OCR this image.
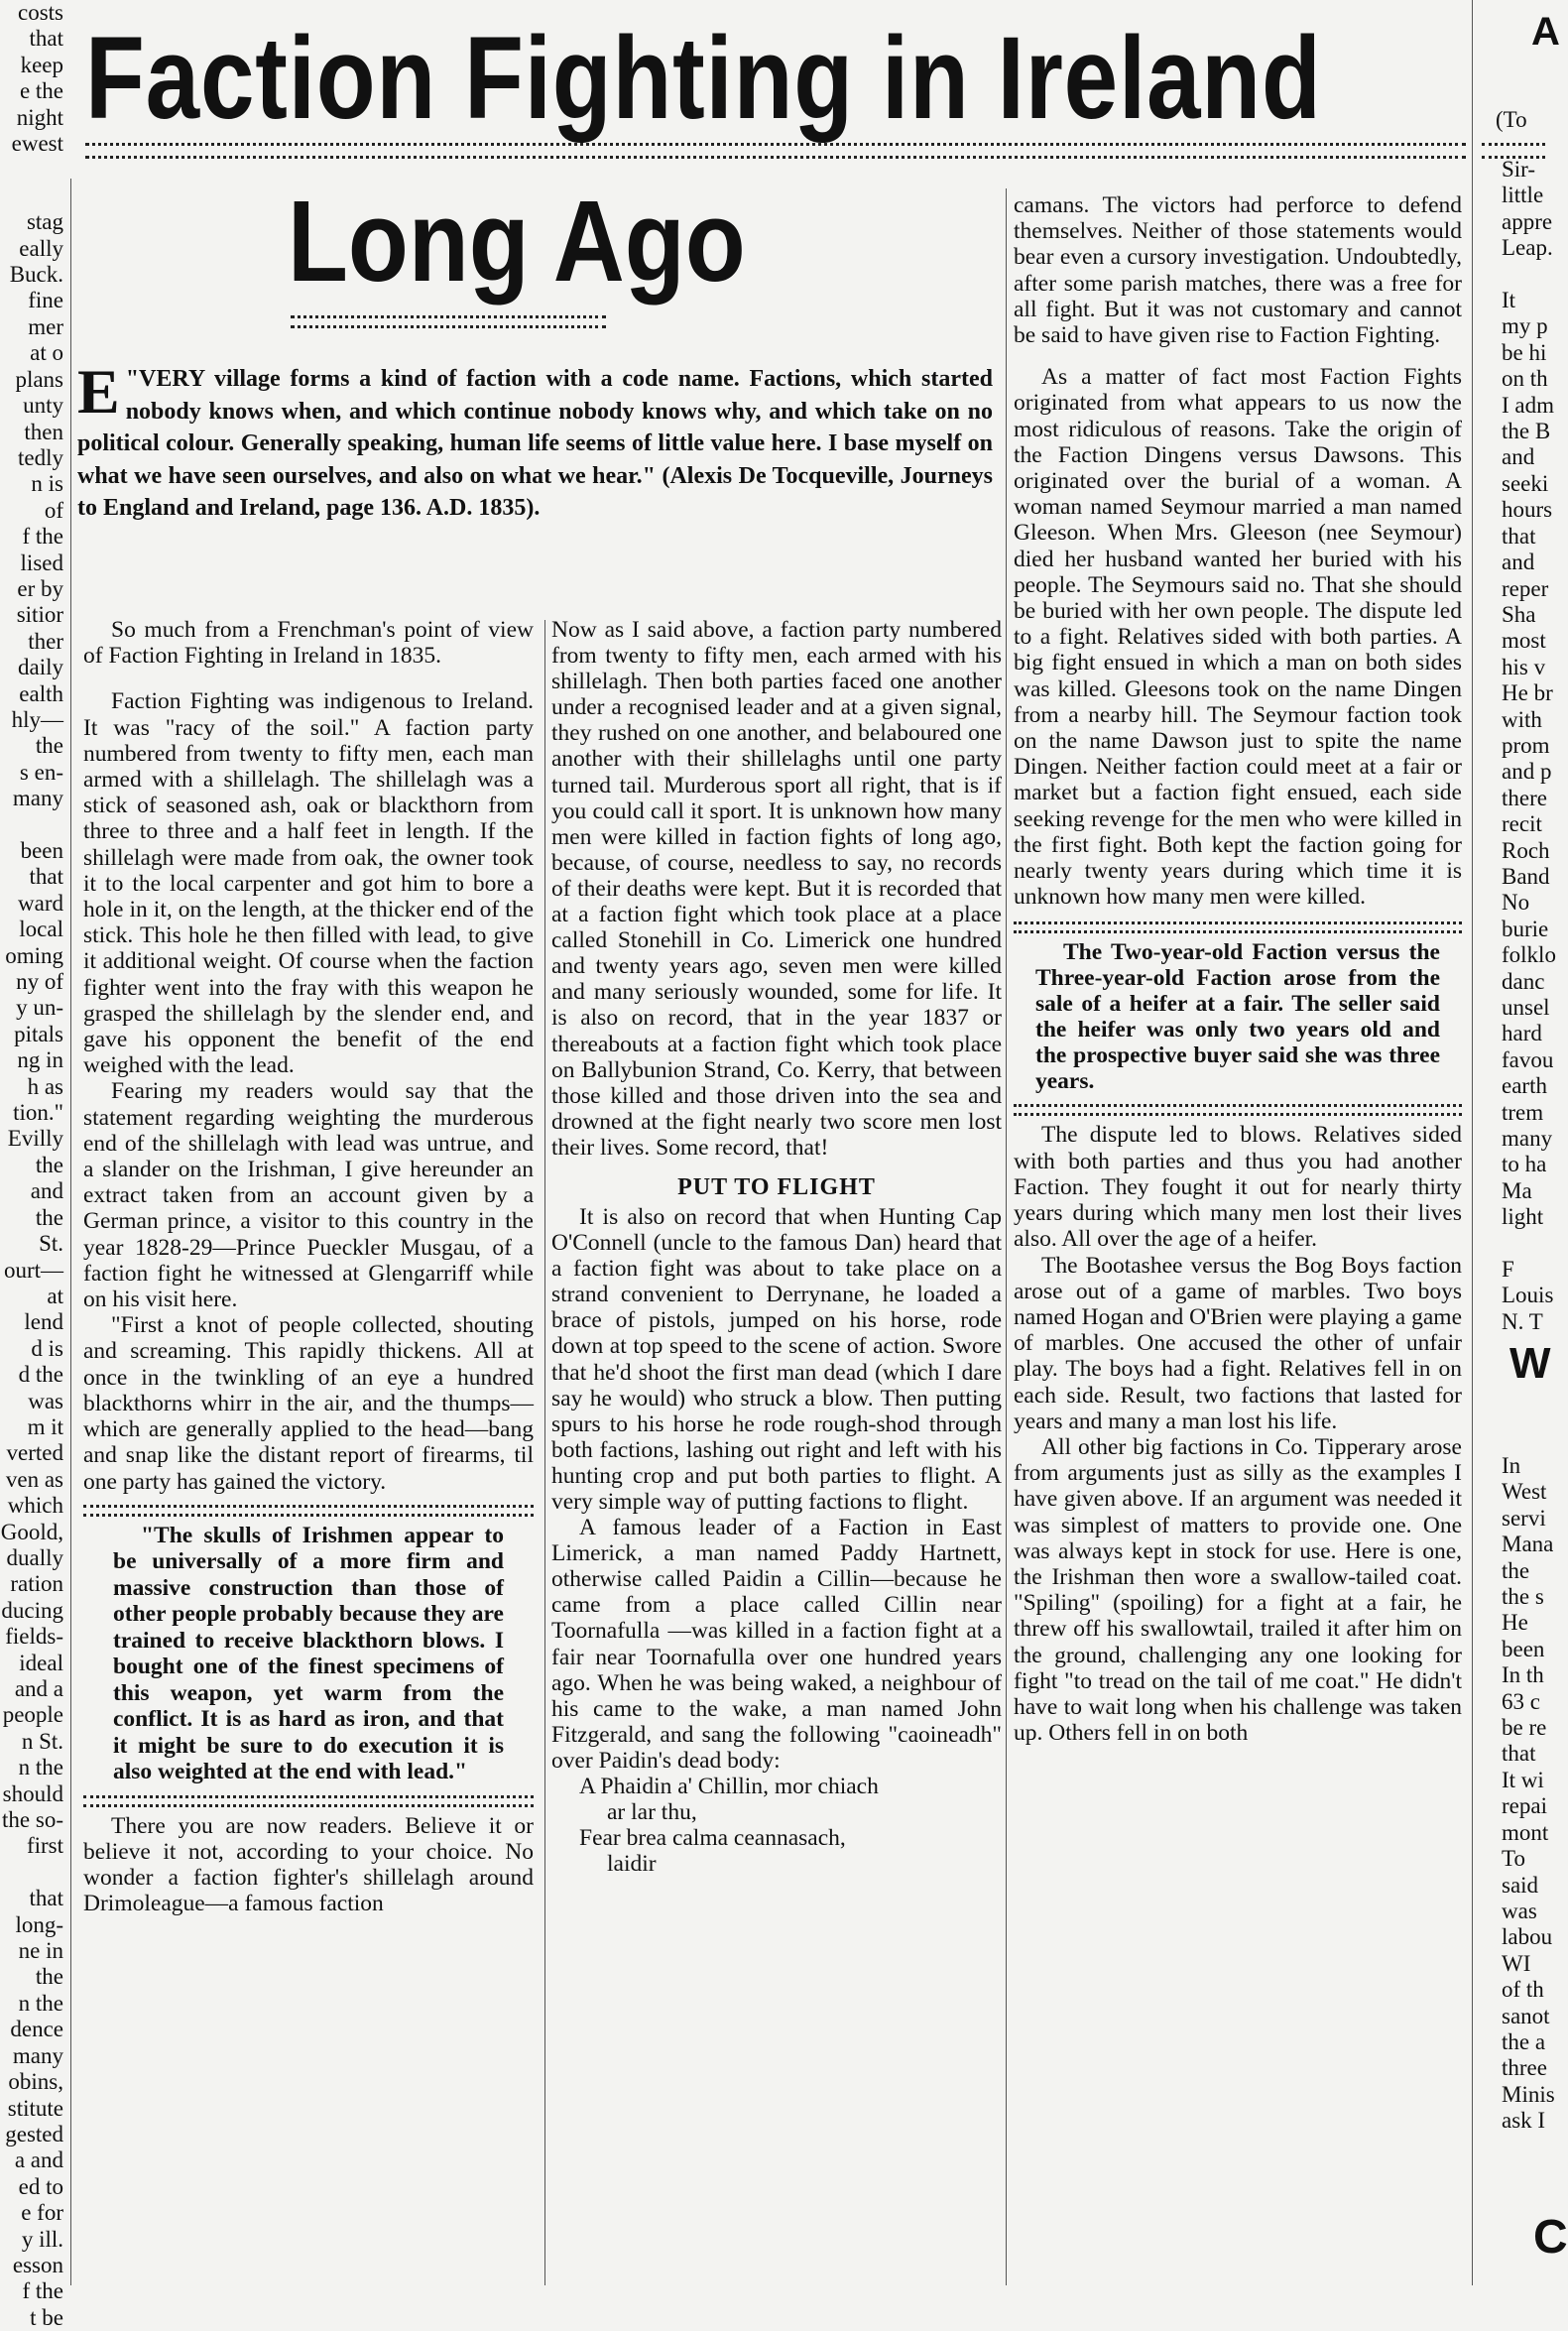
Faction Fighting in Ireland
Long Ago
costs
that
keep
e the
night
ewest

stag
eally
Buck.
fine
mer
at o
plans
unty
then
tedly
n is
of
f the
lised
er by
sitior
ther
daily
ealth
hly—
the
s en-
many

been
that
ward
local
oming
ny of
y un-
pitals
ng in
h as
tion."
Evilly
the
and
the
St.
ourt—
at
lend
d is
d the
was
m it
verted
ven as
which
Goold,
dually
ration
ducing
fields-
ideal
and a
people
n St.
n the
should
the so-
first

that
long-
ne in
the
n the
dence
many
obins,
stitute
gested
a and
ed to
e for
y ill.
esson
f the
t be
E "VERY village forms a kind of faction with a code name. Factions, which started nobody knows when, and which continue nobody knows why, and which take on no political colour. Generally speaking, human life seems of little value here. I base myself on what we have seen ourselves, and also on what we hear." (Alexis De Tocqueville, Journeys to England and Ireland, page 136. A.D. 1835).

So much from a Frenchman's point of view of Faction Fighting in Ireland in 1835.

Faction Fighting was indigenous to Ireland. It was "racy of the soil." A faction party numbered from twenty to fifty men, each man armed with a shillelagh. The shillelagh was a stick of seasoned ash, oak or blackthorn from three to three and a half feet in length. If the shillelagh were made from oak, the owner took it to the local carpenter and got him to bore a hole in it, on the length, at the thicker end of the stick. This hole he then filled with lead, to give it additional weight. Of course when the faction fighter went into the fray with this weapon he grasped the shillelagh by the slender end, and gave his opponent the benefit of the end weighed with the lead.

Fearing my readers would say that the statement regarding weighting the murderous end of the shillelagh with lead was untrue, and a slander on the Irishman, I give hereunder an extract taken from an account given by a German prince, a visitor to this country in the year 1828-29—Prince Pueckler Musgau, of a faction fight he witnessed at Glengarriff while on his visit here.

"First a knot of people collected, shouting and screaming. This rapidly thickens. All at once in the twinkling of an eye a hundred blackthorns whirr in the air, and the thumps—which are generally applied to the head—bang and snap like the distant report of firearms, til one party has gained the victory.

"The skulls of Irishmen appear to be universally of a more firm and massive construction than those of other people probably because they are trained to receive blackthorn blows. I bought one of the finest specimens of this weapon, yet warm from the conflict. It is as hard as iron, and that it might be sure to do execution it is also weighted at the end with lead."

There you are now readers. Believe it or believe it not, according to your choice. No wonder a faction fighter's shillelagh around Drimoleague—a famous faction

Now as I said above, a faction party numbered from twenty to fifty men, each armed with his shillelagh. Then both parties faced one another under a recognised leader and at a given signal, they rushed on one another, and belaboured one another with their shillelaghs until one party turned tail. Murderous sport all right, that is if you could call it sport. It is unknown how many men were killed in faction fights of long ago, because, of course, needless to say, no records of their deaths were kept. But it is recorded that at a faction fight which took place at a place called Stonehill in Co. Limerick one hundred and twenty years ago, seven men were killed and many seriously wounded, some for life. It is also on record, that in the year 1837 or thereabouts at a faction fight which took place on Ballybunion Strand, Co. Kerry, that between those killed and those driven into the sea and drowned at the fight nearly two score men lost their lives. Some record, that!

PUT TO FLIGHT

It is also on record that when Hunting Cap O'Connell (uncle to the famous Dan) heard that a faction fight was about to take place on a strand convenient to Derrynane, he loaded a brace of pistols, jumped on his horse, rode down at top speed to the scene of action. Swore that he'd shoot the first man dead (which I dare say he would) who struck a blow. Then putting spurs to his horse he rode rough-shod through both factions, lashing out right and left with his hunting crop and put both parties to flight. A very simple way of putting factions to flight.

A famous leader of a Faction in East Limerick, a man named Paddy Hartnett, otherwise called Paidin a Cillin—because he came from a place called Cillin near Toornafulla —was killed in a faction fight at a fair near Toornafulla over one hundred years ago. When he was being waked, a neighbour of his came to the wake, a man named John Fitzgerald, and sang the following "caoineadh" over Paidin's dead body:

A Phaidin a' Chillin, mor chiach
ar lar thu,
Fear brea calma ceannasach,
laidir

camans. The victors had perforce to defend themselves. Neither of those statements would bear even a cursory investigation. Undoubtedly, after some parish matches, there was a free for all fight. But it was not customary and cannot be said to have given rise to Faction Fighting.

As a matter of fact most Faction Fights originated from what appears to us now the most ridiculous of reasons. Take the origin of the Faction Dingens versus Dawsons. This originated over the burial of a woman. A woman named Seymour married a man named Gleeson. When Mrs. Gleeson (nee Seymour) died her husband wanted her buried with his people. The Seymours said no. That she should be buried with her own people. The dispute led to a fight. Relatives sided with both parties. A big fight ensued in which a man on both sides was killed. Gleesons took on the name Dingen from a nearby hill. The Seymour faction took on the name Dawson just to spite the name Dingen. Neither faction could meet at a fair or market but a faction fight ensued, each side seeking revenge for the men who were killed in the first fight. Both kept the faction going for nearly twenty years during which time it is unknown how many men were killed.

The Two-year-old Faction versus the Three-year-old Faction arose from the sale of a heifer at a fair. The seller said the heifer was only two years old and the prospective buyer said she was three years.

The dispute led to blows. Relatives sided with both parties and thus you had another Faction. They fought it out for nearly thirty years during which many men lost their lives also. All over the age of a heifer.

The Bootashee versus the Bog Boys faction arose out of a game of marbles. Two boys named Hogan and O'Brien were playing a game of marbles. One accused the other of unfair play. The boys had a fight. Relatives fell in on each side. Result, two factions that lasted for years and many a man lost his life.

All other big factions in Co. Tipperary arose from arguments just as silly as the examples I have given above. If an argument was needed it was simplest of matters to provide one. One was always kept in stock for use. Here is one, the Irishman then wore a swallow-tailed coat. "Spiling" (spoiling) for a fight at a fair, he threw off his swallowtail, trailed it after him on the ground, challenging any one looking for fight "to tread on the tail of me coat." He didn't have to wait long when his challenge was taken up. Others fell in on both

A
(To
Sir-
little
appre
Leap.

It
my p
be hi
on th
I adm
the B
and
seeki
hours
that
and
reper
Sha
most
his v
He br
with
prom
and p
there
recit
Roch
Band
No
burie
folklo
danc
unsel
hard
favou
earth
trem
many
to ha
Ma
light

F
Louis
N. T
W
In
West
servi
Mana
the
the s
He
been
In th
63 c
be re
that
It wi
repai
mont
To
said
was
labou
WI
of th
sanot
the a
three
Minis
ask I
C
